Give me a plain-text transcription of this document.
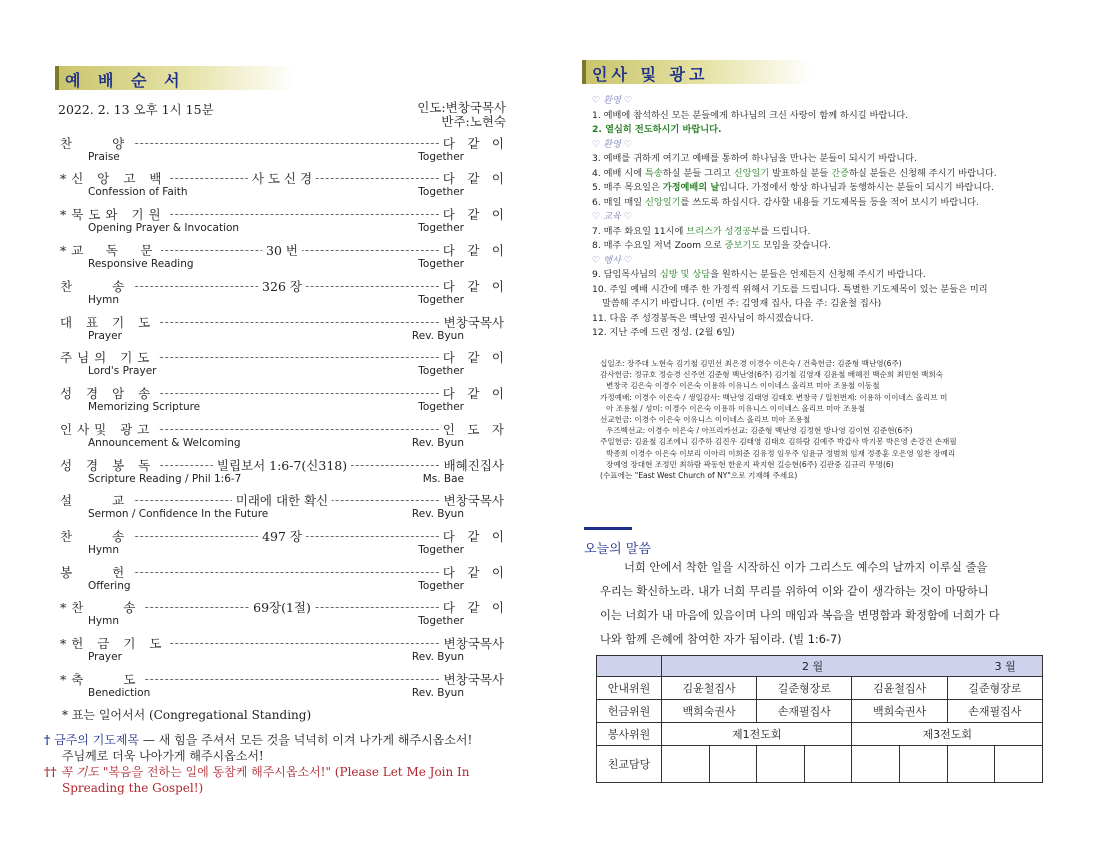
예 배 순 서
2022. 2. 13 오후 1시 15분	인도:변창국목사
반주:노현숙
찬　　양	다　같　이
Praise	Together
*신 앙 고 백	사 도 신 경	다　같　이
Confession of Faith	Together
*묵도와 기원	다　같　이
Opening Prayer & Invocation	Together
*교　독　문	30 번	다　같　이
Responsive Reading	Together
찬　　송	326 장	다　같　이
Hymn	Together
대 표 기 도	변창국목사
Prayer	Rev. Byun
주님의 기도	다　같　이
Lord's Prayer	Together
성 경 암 송	다　같　이
Memorizing Scripture	Together
인사및 광고	인　도　자
Announcement & Welcoming	Rev. Byun
성 경 봉 독	빌립보서 1:6-7(신318)	배혜진집사
Scripture Reading / Phil 1:6-7	Ms. Bae
설　　교	미래에 대한 확신	변창국목사
Sermon / Confidence In the Future	Rev. Byun
찬　　송	497 장	다　같　이
Hymn	Together
봉　　헌	다　같　이
Offering	Together
*찬　　송	69장(1절)	다　같　이
Hymn	Together
*헌 금 기 도	변창국목사
Prayer	Rev. Byun
*축　　도	변창국목사
Benediction	Rev. Byun
* 표는 일어서서 (Congregational Standing)
† 금주의 기도제목 — 새 힘을 주셔서 모든 것을 넉넉히 이겨 나가게 해주시옵소서!
주님께로 더욱 나아가게 해주시옵소서!
†† 꼭 기도 "복음을 전하는 일에 동참케 해주시옵소서!" (Please Let Me Join In
Spreading the Gospel!)
인사 및 광고
♡ 환영 ♡
1. 예배에 참석하신 모든 분들에게 하나님의 크신 사랑이 함께 하시길 바랍니다.
2. 열심히 전도하시기 바랍니다.
♡ 환영 ♡
3. 예배를 귀하게 여기고 예배를 통하여 하나님을 만나는 분들이 되시기 바랍니다.
4. 예배 시에 특송하실 분들 그리고 신앙일기 발표하실 분들 간증하실 분들은 신청해 주시기 바랍니다.
5. 매주 목요일은 가정예배의 날입니다. 가정에서 항상 하나님과 동행하시는 분들이 되시기 바랍니다.
6. 매일 매일 신앙일기를 쓰도록 하십시다. 감사할 내용들 기도제목들 등을 적어 보시기 바랍니다.
♡ 교육 ♡
7. 매주 화요일 11시에 브리스가 성경공부를 드립니다.
8. 매주 수요일 저녁 Zoom 으로 중보기도 모임을 갖습니다.
♡ 행사 ♡
9. 담임목사님의 심방 및 상담을 원하시는 분들은 언제든지 신청해 주시기 바랍니다.
10. 주일 예배 시간에 매주 한 가정씩 위해서 기도를 드립니다. 특별한 기도제목이 있는 분들은 미리
말씀해 주시기 바랍니다. (이번 주: 김영재 집사, 다음 주: 김윤철 집사)
11. 다음 주 성경봉독은 백난영 권사님이 하시겠습니다.
12. 지난 주에 드린 정성. (2월 6일)
십일조: 장주대 노현숙 김기철 김민선 최은경 이경수 이은숙 / 건축헌금: 김준형 백난영(6주)
감사헌금: 정규호 정승경 신주연 김준형 백난영(6주) 김기철 김영재 김윤철 배혜진 백순희 최민현 백희숙
변창국 김은숙 이경수 이은숙 이용하 이유니스 이이네스 올리브 미아 조용철 이동철
가정예배: 이경수 이은숙 / 생일감사: 백난영 김태영 김태호 변창국 / 일천번제: 이용하 이이네스 올리브 미
아 조용철 / 성미: 이경수 이은숙 이용하 이유니스 이이네스 올리브 미아 조용철
선교헌금: 이경수 이은숙 이유니스 이이네스 올리브 미아 조용철
우즈벡선교: 이경수 이은숙 / 아프리카선교: 김준형 백난영 김정현 방나영 김이현 김준현(6주)
주일헌금: 김윤철 김조에니 김주하 김진우 김태영 김태호 김하람 김예주 박갑사 박기봉 박은영 손강건 손재필
박종희 이경수 이은숙 이보리 이아리 이희준 김유정 임우주 임윤규 정범희 임재 정종훈 오은영 임찬 장예리
장예영 장대현 조정민 최하람 곽동현 한운지 곽지현 길승현(6주) 김관중 김규리 무명(6)
(수표에는 "East West Church of NY"으로 기재해 주세요)
오늘의 말씀
너희 안에서 착한 일을 시작하신 이가 그리스도 예수의 날까지 이루실 줄을
우리는 확신하노라. 내가 너희 무리를 위하여 이와 같이 생각하는 것이 마땅하니
이는 너희가 내 마음에 있음이며 나의 매임과 복음을 변명함과 확정함에 너희가 다
나와 함께 은혜에 참여한 자가 됨이라. (빌 1:6-7)
	2 월 3 월							
안내위원	김윤철집사		길준형장로		김윤철집사		길준형장로	
헌금위원	백희숙권사		손재필집사		백희숙권사		손재필집사	
봉사위원	제1전도회				제3전도회			
친교담당								
